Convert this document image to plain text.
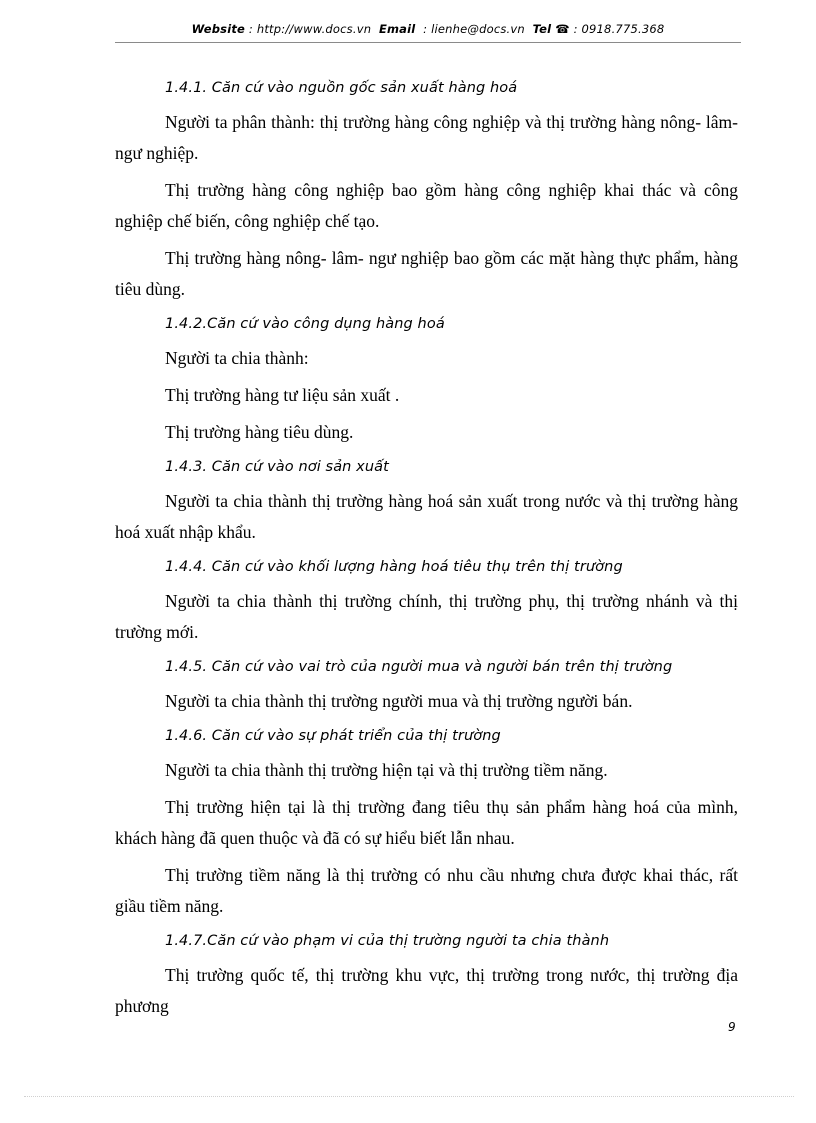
Website : http://www.docs.vn Email : lienhe@docs.vn Tel ☎ : 0918.775.368
1.4.1. Căn cứ vào nguồn gốc sản xuất hàng hoá

Người ta phân thành: thị trường hàng công nghiệp và thị trường hàng nông- lâm- ngư nghiệp.

Thị trường hàng công nghiệp bao gồm hàng công nghiệp khai thác và công nghiệp chế biến, công nghiệp chế tạo.

Thị trường hàng nông- lâm- ngư nghiệp bao gồm các mặt hàng thực phẩm, hàng tiêu dùng.

1.4.2.Căn cứ vào công dụng hàng hoá

Người ta chia thành:

Thị trường hàng tư liệu sản xuất .

Thị trường hàng tiêu dùng.

1.4.3. Căn cứ vào nơi sản xuất

Người ta chia thành thị trường hàng hoá sản xuất trong nước và thị trường hàng hoá xuất nhập khẩu.

1.4.4. Căn cứ vào khối lượng hàng hoá tiêu thụ trên thị trường

Người ta chia thành thị trường chính, thị trường phụ, thị trường nhánh và thị trường mới.

1.4.5. Căn cứ vào vai trò của người mua và người bán trên thị trường

Người ta chia thành thị trường người mua và thị trường người bán.

1.4.6. Căn cứ vào sự phát triển của thị trường

Người ta chia thành thị trường hiện tại và thị trường tiềm năng.

Thị trường hiện tại là thị trường đang tiêu thụ sản phẩm hàng hoá của mình, khách hàng đã quen thuộc và đã có sự hiểu biết lẫn nhau.

Thị trường tiềm năng là thị trường có nhu cầu nhưng chưa được khai thác, rất giầu tiềm năng.

1.4.7.Căn cứ vào phạm vi của thị trường người ta chia thành

Thị trường quốc tế, thị trường khu vực, thị trường trong nước, thị trường địa phương

9
